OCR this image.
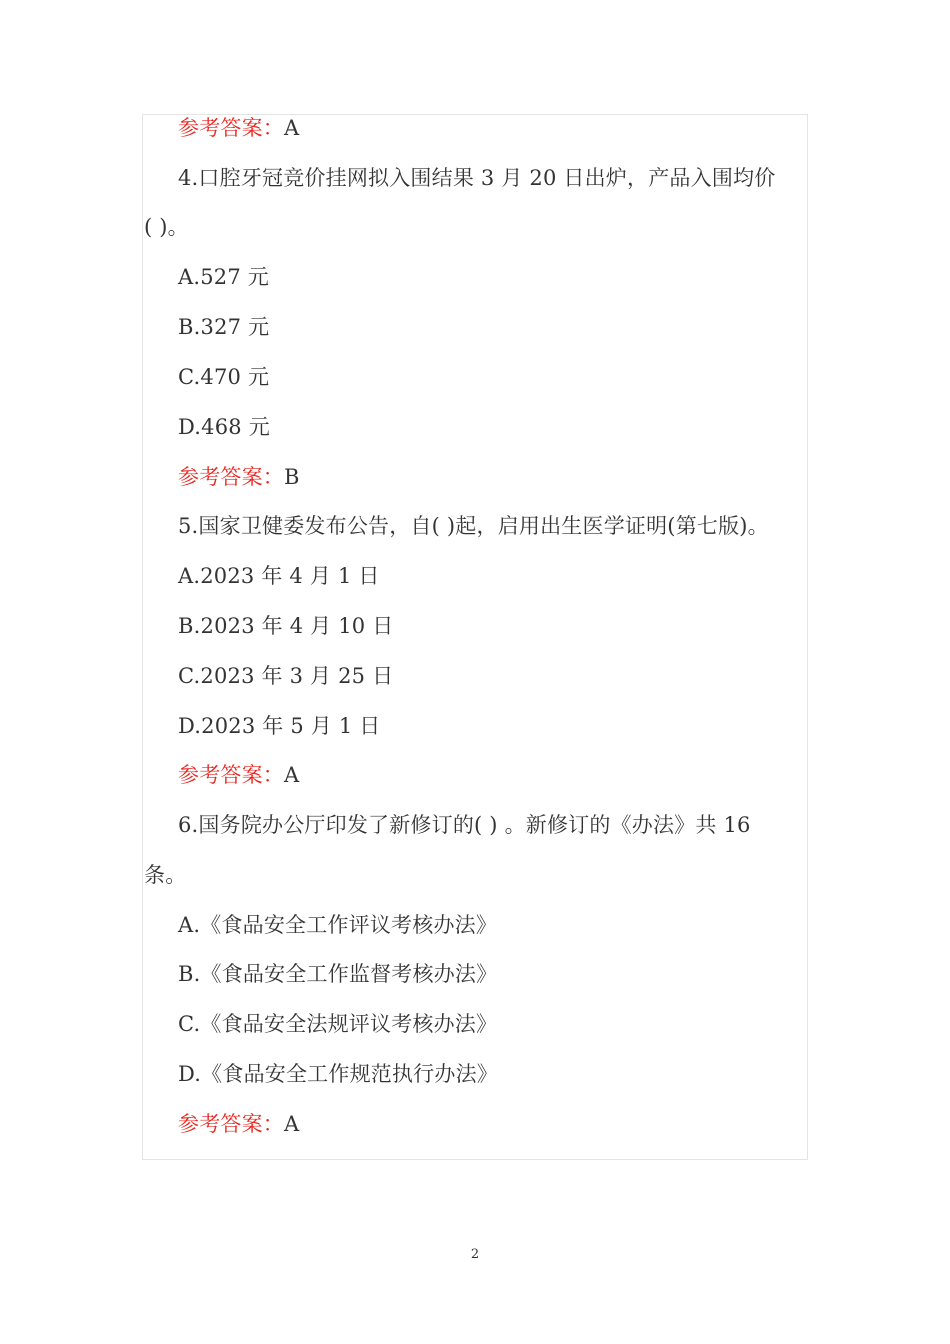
参考答案：A
4.口腔牙冠竞价挂网拟入围结果 3 月 20 日出炉，产品入围均价
( )。
A.527 元
B.327 元
C.470 元
D.468 元
参考答案：B
5.国家卫健委发布公告，自( )起，启用出生医学证明(第七版)。
A.2023 年 4 月 1 日
B.2023 年 4 月 10 日
C.2023 年 3 月 25 日
D.2023 年 5 月 1 日
参考答案：A
6.国务院办公厅印发了新修订的( ) 。新修订的《办法》共 16
条。
A.《食品安全工作评议考核办法》
B.《食品安全工作监督考核办法》
C.《食品安全法规评议考核办法》
D.《食品安全工作规范执行办法》
参考答案：A
2
